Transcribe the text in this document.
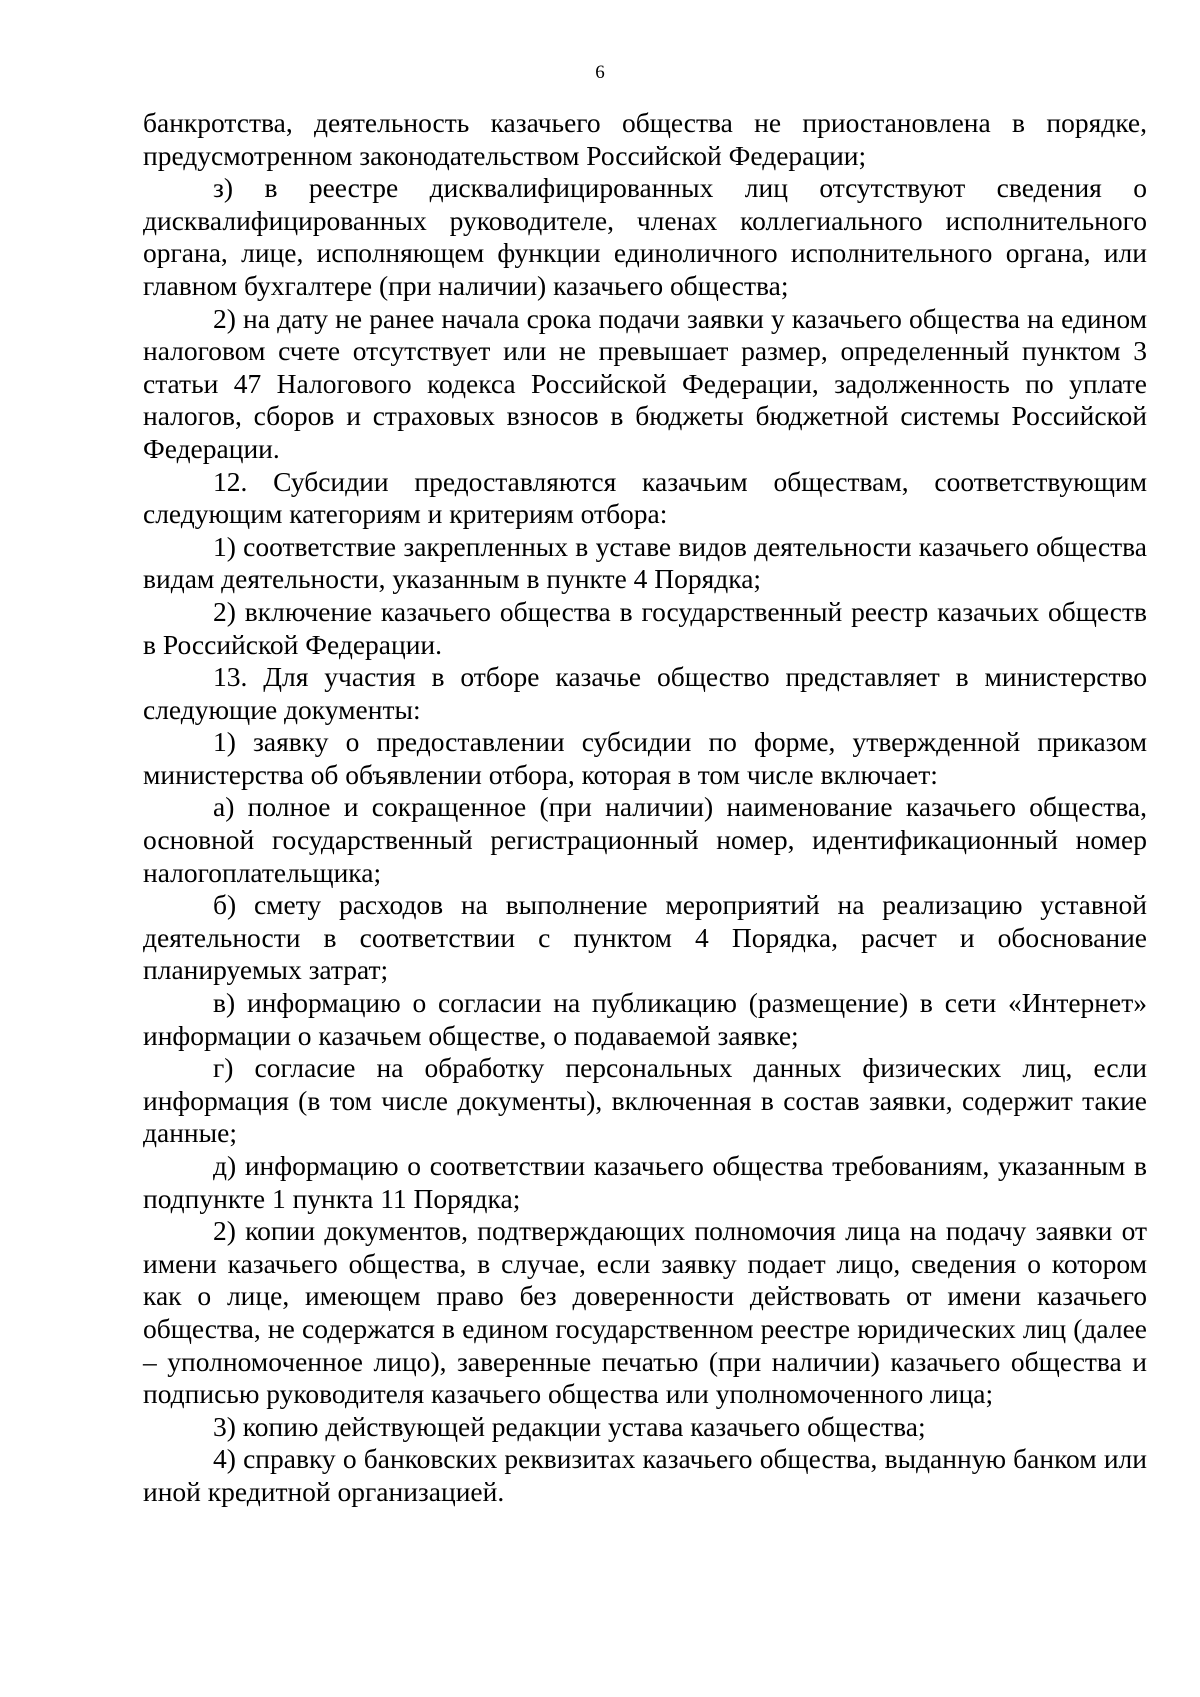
6

банкротства, деятельность казачьего общества не приостановлена в порядке, предусмотренном законодательством Российской Федерации;

з) в реестре дисквалифицированных лиц отсутствуют сведения о дисквалифицированных руководителе, членах коллегиального исполнительного органа, лице, исполняющем функции единоличного исполнительного органа, или главном бухгалтере (при наличии) казачьего общества;

2) на дату не ранее начала срока подачи заявки у казачьего общества на едином налоговом счете отсутствует или не превышает размер, определенный пунктом 3 статьи 47 Налогового кодекса Российской Федерации, задолженность по уплате налогов, сборов и страховых взносов в бюджеты бюджетной системы Российской Федерации.

12. Субсидии предоставляются казачьим обществам, соответствующим следующим категориям и критериям отбора:

1) соответствие закрепленных в уставе видов деятельности казачьего общества видам деятельности, указанным в пункте 4 Порядка;

2) включение казачьего общества в государственный реестр казачьих обществ в Российской Федерации.

13. Для участия в отборе казачье общество представляет в министерство следующие документы:

1) заявку о предоставлении субсидии по форме, утвержденной приказом министерства об объявлении отбора, которая в том числе включает:

а) полное и сокращенное (при наличии) наименование казачьего общества, основной государственный регистрационный номер, идентификационный номер налогоплательщика;

б) смету расходов на выполнение мероприятий на реализацию уставной деятельности в соответствии с пунктом 4 Порядка, расчет и обоснование планируемых затрат;

в) информацию о согласии на публикацию (размещение) в сети «Интернет» информации о казачьем обществе, о подаваемой заявке;

г) согласие на обработку персональных данных физических лиц, если информация (в том числе документы), включенная в состав заявки, содержит такие данные;

д) информацию о соответствии казачьего общества требованиям, указанным в подпункте 1 пункта 11 Порядка;

2) копии документов, подтверждающих полномочия лица на подачу заявки от имени казачьего общества, в случае, если заявку подает лицо, сведения о котором как о лице, имеющем право без доверенности действовать от имени казачьего общества, не содержатся в едином государственном реестре юридических лиц (далее – уполномоченное лицо), заверенные печатью (при наличии) казачьего общества и подписью руководителя казачьего общества или уполномоченного лица;

3) копию действующей редакции устава казачьего общества;

4) справку о банковских реквизитах казачьего общества, выданную банком или иной кредитной организацией.
